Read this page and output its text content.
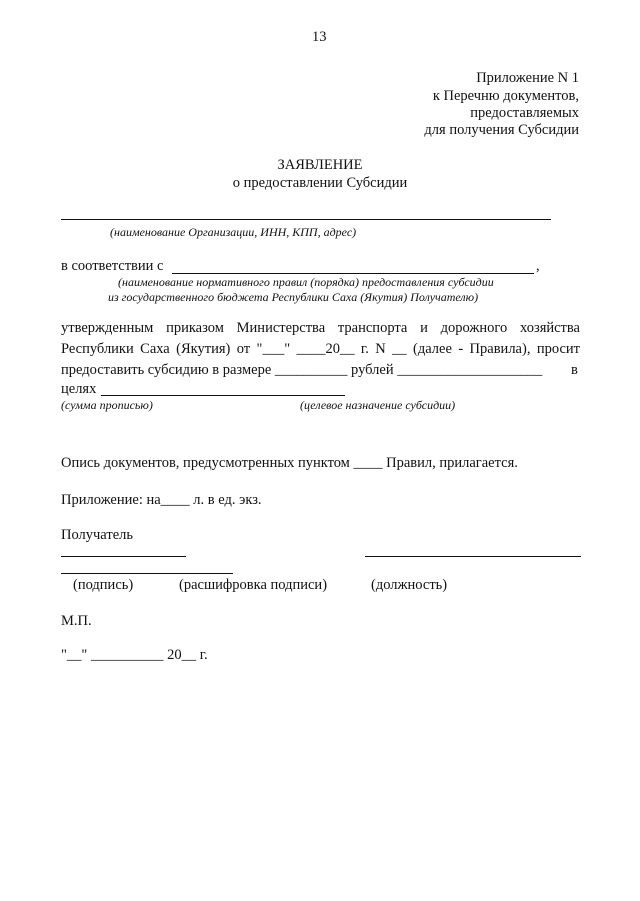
13
Приложение N 1
к Перечню документов,
предоставляемых
для получения Субсидии
ЗАЯВЛЕНИЕ
о предоставлении Субсидии
(наименование Организации, ИНН, КПП, адрес)
в соответствии с	,
(наименование нормативного правил (порядка) предоставления субсидии
из государственного бюджета Республики Саха (Якутия) Получателю)
утвержденным приказом Министерства транспорта и дорожного хозяйства
Республики Саха (Якутия) от "___" ____20__ г. N __ (далее - Правила), просит
предоставить субсидию в размере __________ рублей ____________________ в
целях
(сумма прописью)	(целевое назначение субсидии)
Опись документов, предусмотренных пунктом ____ Правил, прилагается.
Приложение: на____ л. в ед. экз.
Получатель
(подпись)	(расшифровка подписи)	(должность)
М.П.
"__" __________ 20__ г.
